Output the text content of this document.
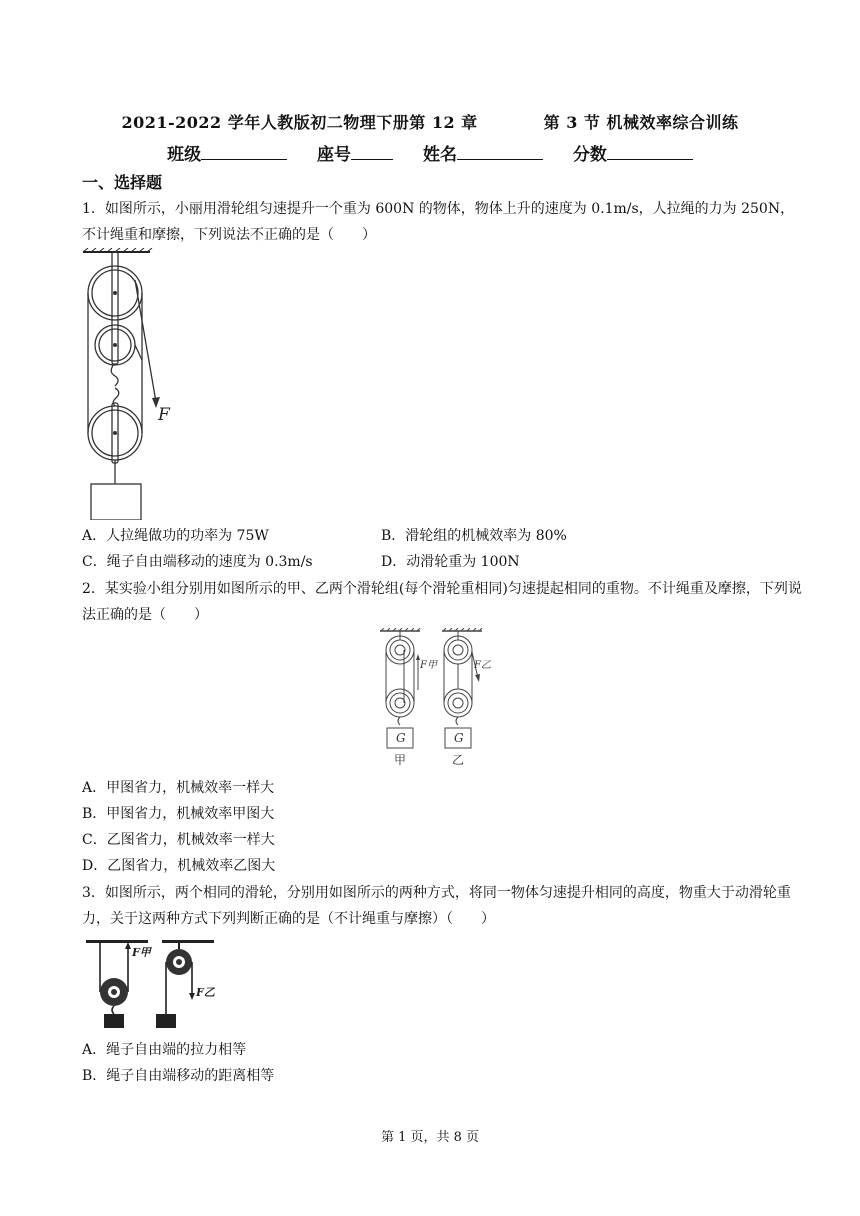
2021-2022 学年人教版初二物理下册第 12 章	第 3 节 机械效率综合训练
班级	座号	姓名	分数
一、选择题
1．如图所示，小丽用滑轮组匀速提升一个重为 600N 的物体，物体上升的速度为 0.1m/s，人拉绳的力为 250N，不计绳重和摩擦，下列说法不正确的是（　　）
F
A．人拉绳做功的功率为 75W	B．滑轮组的机械效率为 80%
C．绳子自由端移动的速度为 0.3m/s	D．动滑轮重为 100N
2．某实验小组分别用如图所示的甲、乙两个滑轮组(每个滑轮重相同)匀速提起相同的重物。不计绳重及摩擦，下列说法正确的是（　　）
F甲
G
甲
F乙
G
乙
A．甲图省力，机械效率一样大
B．甲图省力，机械效率甲图大
C．乙图省力，机械效率一样大
D．乙图省力，机械效率乙图大
3．如图所示，两个相同的滑轮，分别用如图所示的两种方式，将同一物体匀速提升相同的高度，物重大于动滑轮重力，关于这两种方式下列判断正确的是（不计绳重与摩擦）（　　）
F甲
F乙
A．绳子自由端的拉力相等
B．绳子自由端移动的距离相等
第 1 页，共 8 页
